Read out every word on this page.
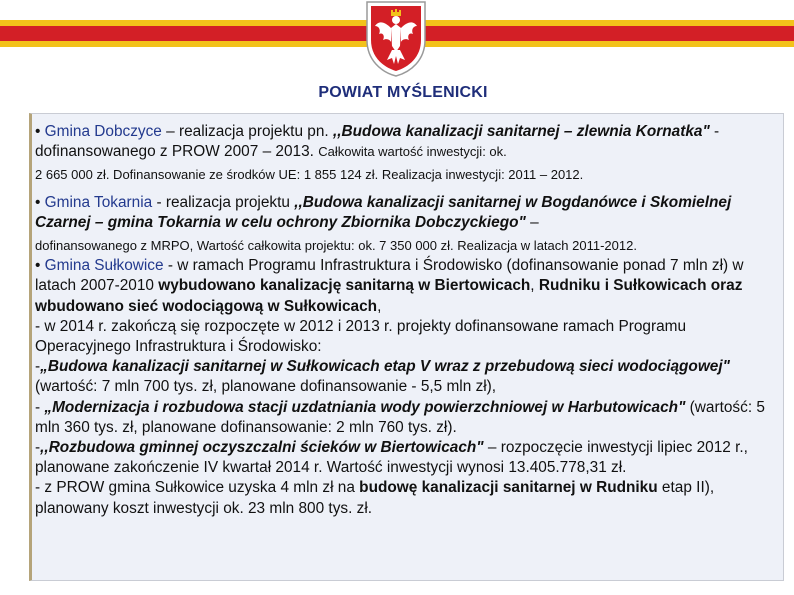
POWIAT MYŚLENICKI

• Gmina Dobczyce – realizacja projektu pn. ,,Budowa kanalizacji sanitarnej – zlewnia Kornatka" - dofinansowanego z PROW 2007 – 2013. Całkowita wartość inwestycji: ok.

2 665 000 zł. Dofinansowanie ze środków UE: 1 855 124 zł. Realizacja inwestycji: 2011 – 2012.

• Gmina Tokarnia - realizacja projektu ,,Budowa kanalizacji sanitarnej w Bogdanówce i Skomielnej Czarnej – gmina Tokarnia w celu ochrony Zbiornika Dobczyckiego" –

dofinansowanego z MRPO, Wartość całkowita projektu: ok. 7 350 000 zł. Realizacja w latach 2011-2012.

• Gmina Sułkowice - w ramach Programu Infrastruktura i Środowisko (dofinansowanie ponad 7 mln zł) w latach 2007-2010 wybudowano kanalizację sanitarną w Biertowicach, Rudniku i Sułkowicach oraz wbudowano sieć wodociągową w Sułkowicach,

- w 2014 r. zakończą się rozpoczęte w 2012 i 2013 r. projekty dofinansowane ramach Programu Operacyjnego Infrastruktura i Środowisko:

-„Budowa kanalizacji sanitarnej w Sułkowicach etap V wraz z przebudową sieci wodociągowej" (wartość: 7 mln 700 tys. zł, planowane dofinansowanie - 5,5 mln zł),

- „Modernizacja i rozbudowa stacji uzdatniania wody powierzchniowej w Harbutowicach" (wartość: 5 mln 360 tys. zł, planowane dofinansowanie: 2 mln 760 tys. zł).

-,,Rozbudowa gminnej oczyszczalni ścieków w Biertowicach" – rozpoczęcie inwestycji lipiec 2012 r., planowane zakończenie IV kwartał 2014 r. Wartość inwestycji wynosi 13.405.778,31 zł.

- z PROW gmina Sułkowice uzyska 4 mln zł na budowę kanalizacji sanitarnej w Rudniku etap II), planowany koszt inwestycji ok. 23 mln 800 tys. zł.
